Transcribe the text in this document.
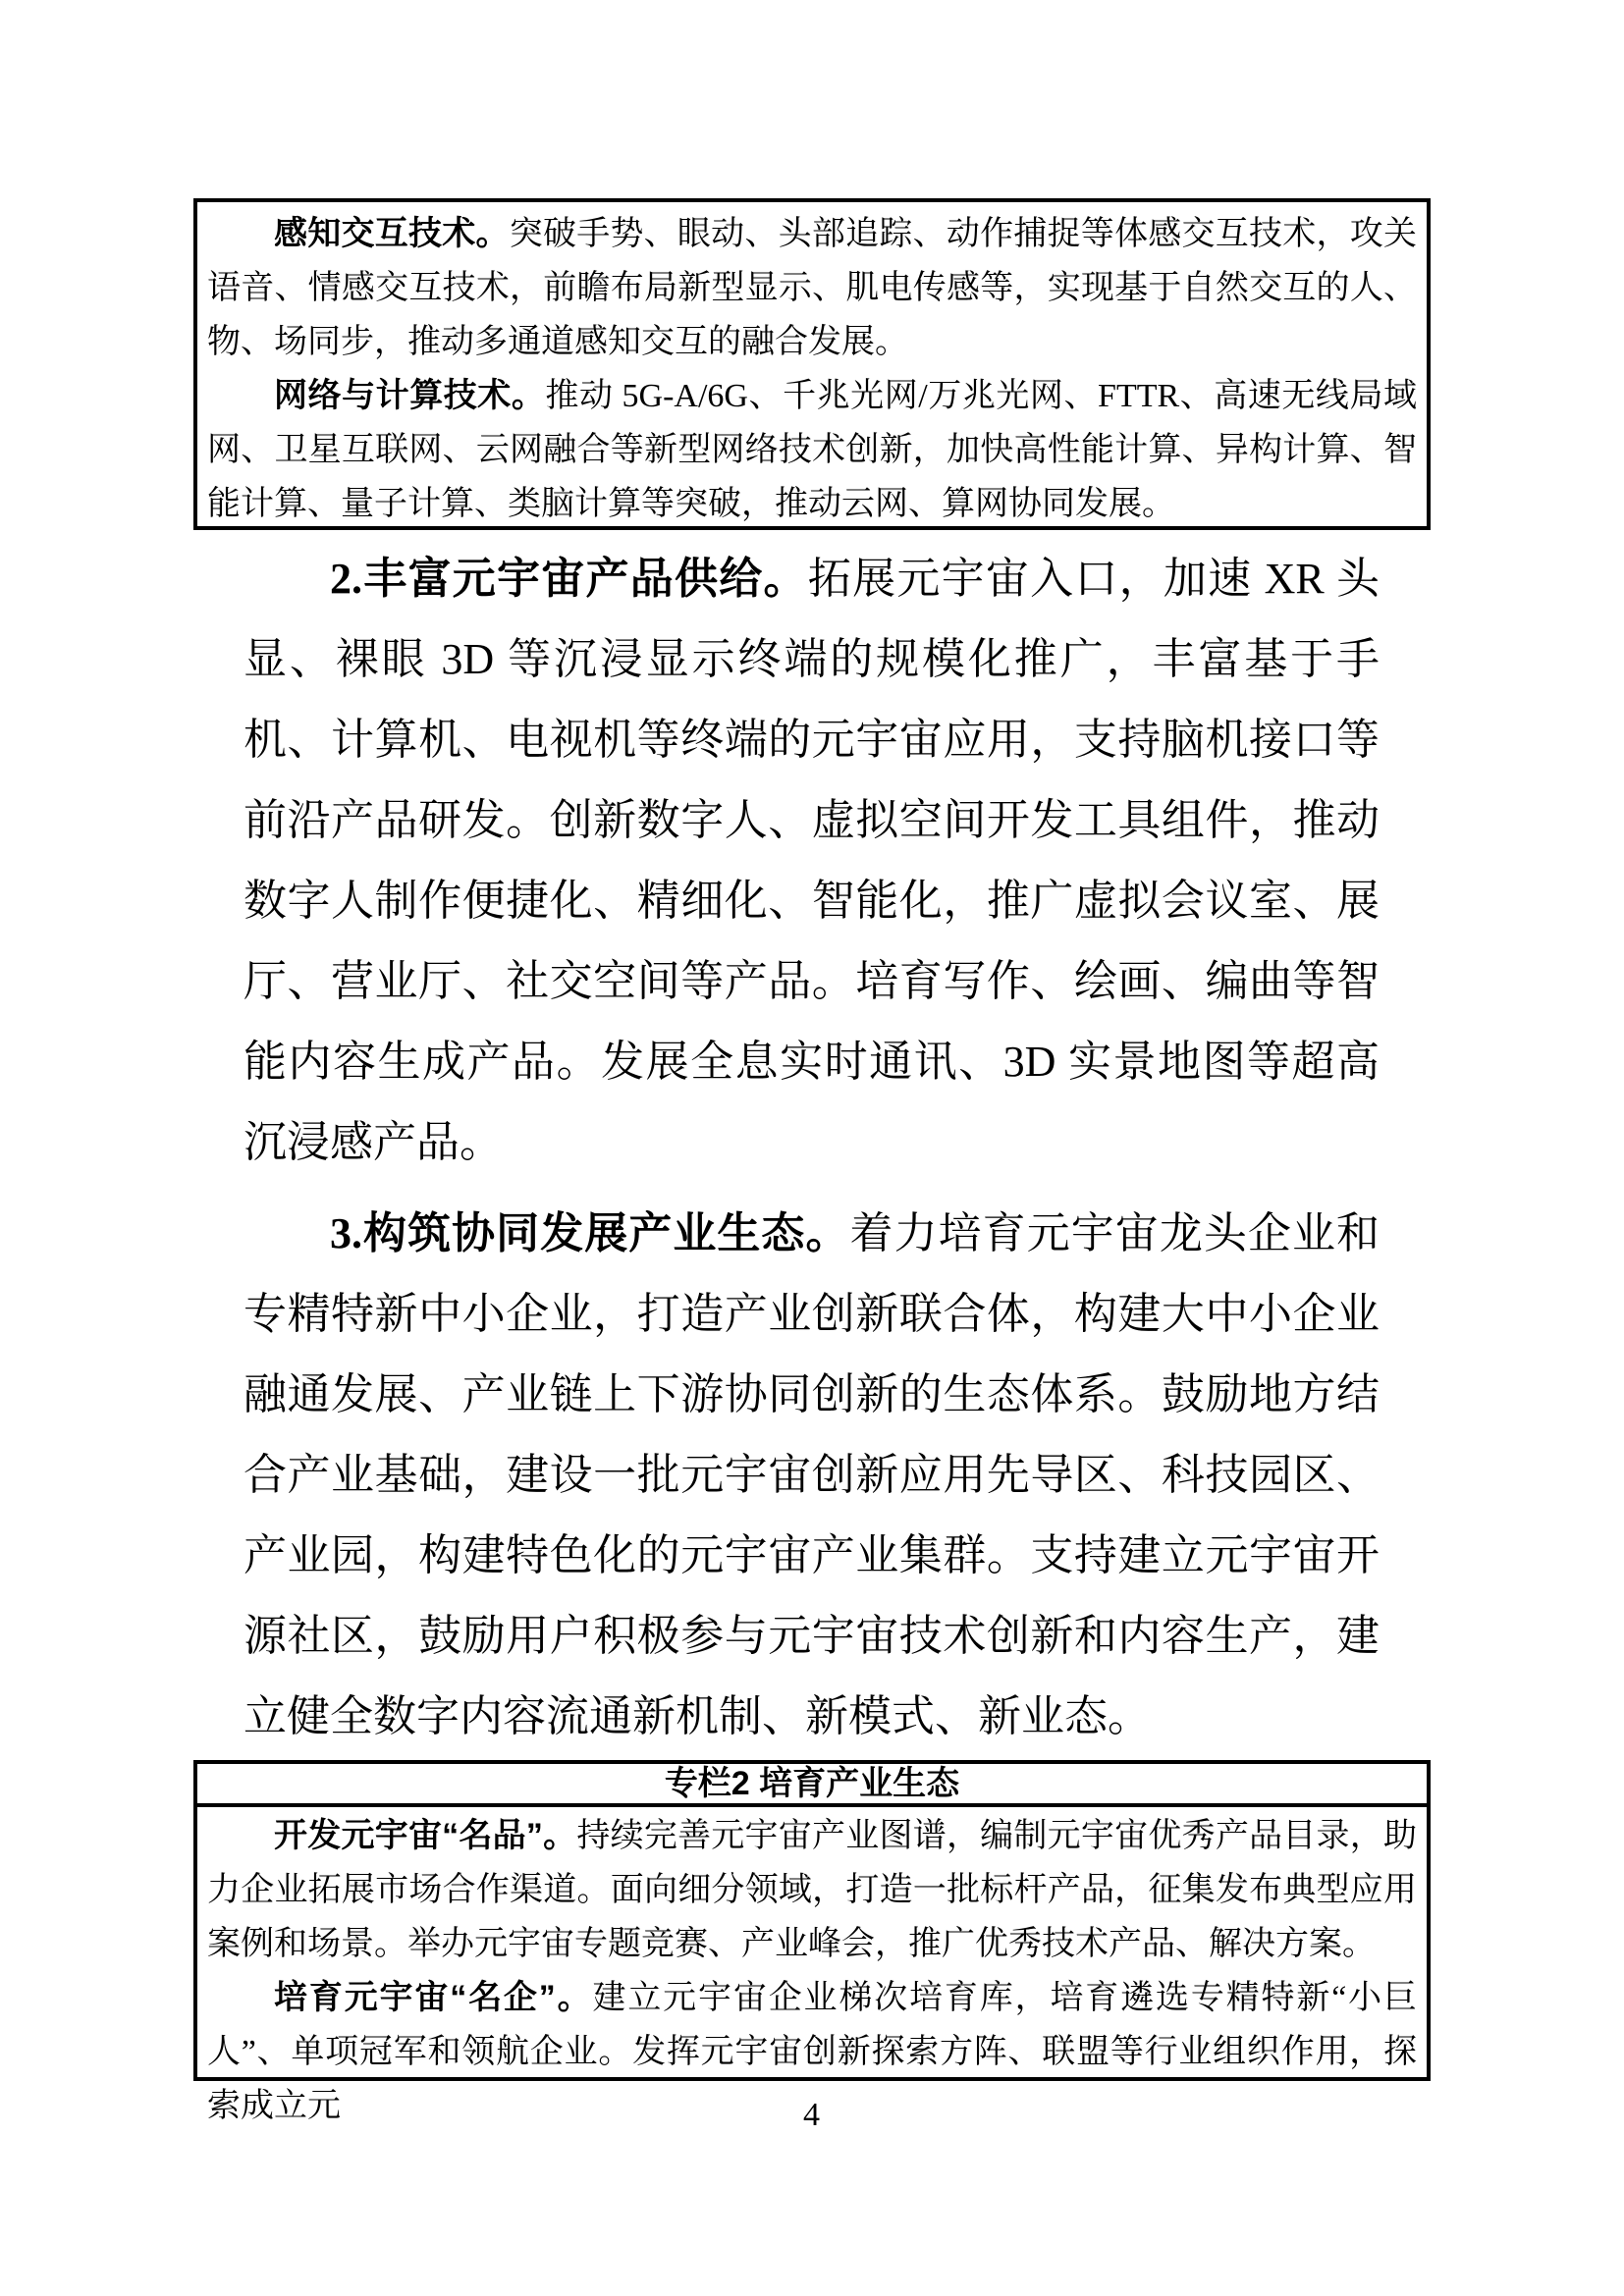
感知交互技术。突破手势、眼动、头部追踪、动作捕捉等体感交互技术，攻关语音、情感交互技术，前瞻布局新型显示、肌电传感等，实现基于自然交互的人、物、场同步，推动多通道感知交互的融合发展。

网络与计算技术。推动 5G-A/6G、千兆光网/万兆光网、FTTR、高速无线局域网、卫星互联网、云网融合等新型网络技术创新，加快高性能计算、异构计算、智能计算、量子计算、类脑计算等突破，推动云网、算网协同发展。

2.丰富元宇宙产品供给。拓展元宇宙入口，加速 XR 头显、裸眼 3D 等沉浸显示终端的规模化推广，丰富基于手机、计算机、电视机等终端的元宇宙应用，支持脑机接口等前沿产品研发。创新数字人、虚拟空间开发工具组件，推动数字人制作便捷化、精细化、智能化，推广虚拟会议室、展厅、营业厅、社交空间等产品。培育写作、绘画、编曲等智能内容生成产品。发展全息实时通讯、3D 实景地图等超高沉浸感产品。

3.构筑协同发展产业生态。着力培育元宇宙龙头企业和专精特新中小企业，打造产业创新联合体，构建大中小企业融通发展、产业链上下游协同创新的生态体系。鼓励地方结合产业基础，建设一批元宇宙创新应用先导区、科技园区、产业园，构建特色化的元宇宙产业集群。支持建立元宇宙开源社区，鼓励用户积极参与元宇宙技术创新和内容生产，建立健全数字内容流通新机制、新模式、新业态。

专栏2 培育产业生态

开发元宇宙“名品”。持续完善元宇宙产业图谱，编制元宇宙优秀产品目录，助力企业拓展市场合作渠道。面向细分领域，打造一批标杆产品，征集发布典型应用案例和场景。举办元宇宙专题竞赛、产业峰会，推广优秀技术产品、解决方案。

培育元宇宙“名企”。建立元宇宙企业梯次培育库，培育遴选专精特新“小巨人”、单项冠军和领航企业。发挥元宇宙创新探索方阵、联盟等行业组织作用，探索成立元	4
